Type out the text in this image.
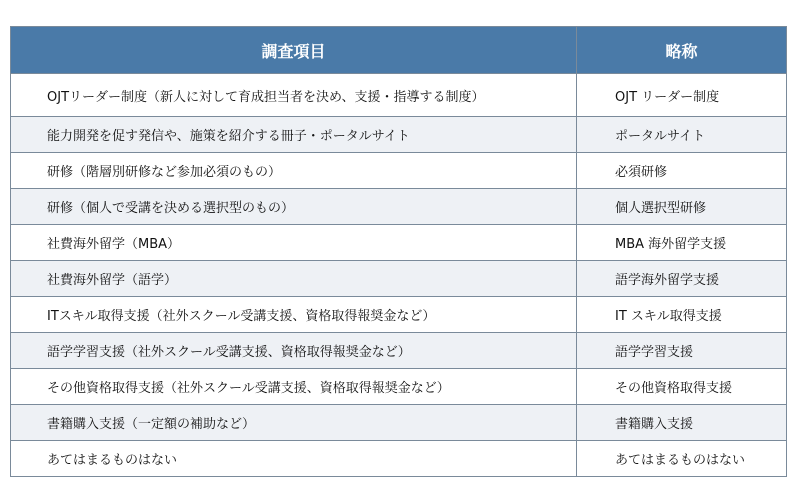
調査項目	略称
OJTリーダー制度（新人に対して育成担当者を決め、支援・指導する制度）	OJT リーダー制度
能力開発を促す発信や、施策を紹介する冊子・ポータルサイト	ポータルサイト
研修（階層別研修など参加必須のもの）	必須研修
研修（個人で受講を決める選択型のもの）	個人選択型研修
社費海外留学（MBA）	MBA 海外留学支援
社費海外留学（語学）	語学海外留学支援
ITスキル取得支援（社外スクール受講支援、資格取得報奨金など）	IT スキル取得支援
語学学習支援（社外スクール受講支援、資格取得報奨金など）	語学学習支援
その他資格取得支援（社外スクール受講支援、資格取得報奨金など）	その他資格取得支援
書籍購入支援（一定額の補助など）	書籍購入支援
あてはまるものはない	あてはまるものはない
